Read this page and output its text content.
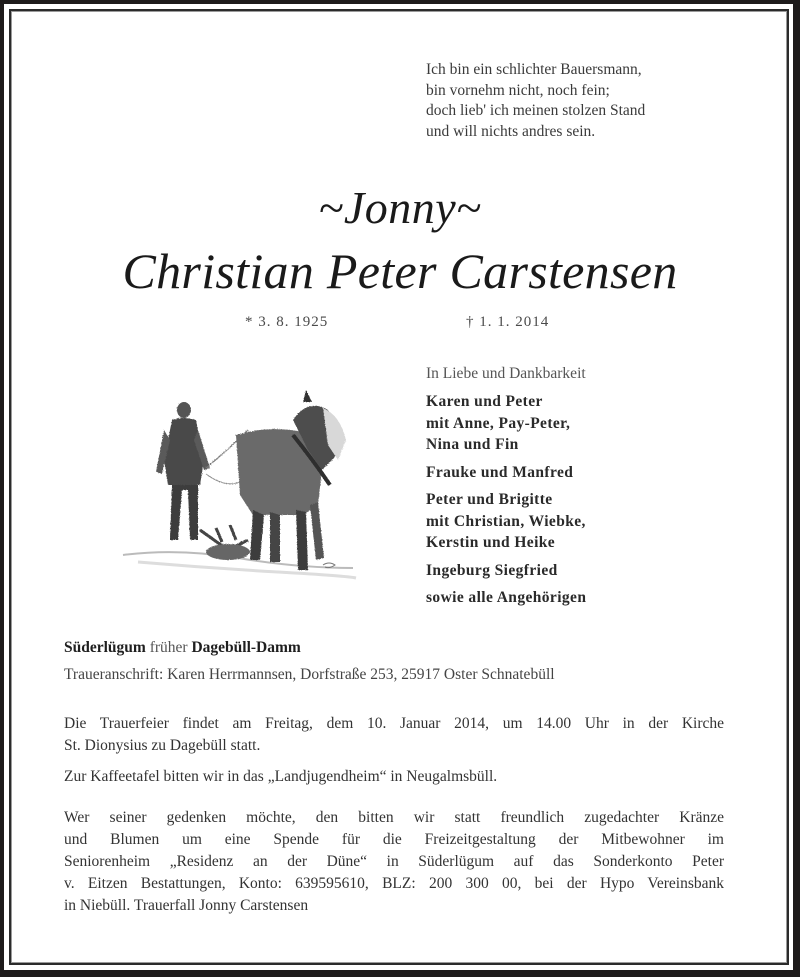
Ich bin ein schlichter Bauersmann,
bin vornehm nicht, noch fein;
doch lieb' ich meinen stolzen Stand
und will nichts andres sein.
~Jonny~
Christian Peter Carstensen
* 3. 8. 1925	† 1. 1. 2014
In Liebe und Dankbarkeit
Karen und Peter
mit Anne, Pay-Peter,
Nina und Fin
Frauke und Manfred
Peter und Brigitte
mit Christian, Wiebke,
Kerstin und Heike
Ingeburg Siegfried
sowie alle Angehörigen
Süderlügum früher Dagebüll-Damm
Traueranschrift: Karen Herrmannsen, Dorfstraße 253, 25917 Oster Schnatebüll
Die Trauerfeier findet am Freitag, dem 10. Januar 2014, um 14.00 Uhr in der Kirche
St. Dionysius zu Dagebüll statt.
Zur Kaffeetafel bitten wir in das „Landjugendheim“ in Neugalmsbüll.
Wer seiner gedenken möchte, den bitten wir statt freundlich zugedachter Kränze
und Blumen um eine Spende für die Freizeitgestaltung der Mitbewohner im
Seniorenheim „Residenz an der Düne“ in Süderlügum auf das Sonderkonto Peter
v. Eitzen Bestattungen, Konto: 639595610, BLZ: 200 300 00, bei der Hypo Vereinsbank
in Niebüll. Trauerfall Jonny Carstensen
